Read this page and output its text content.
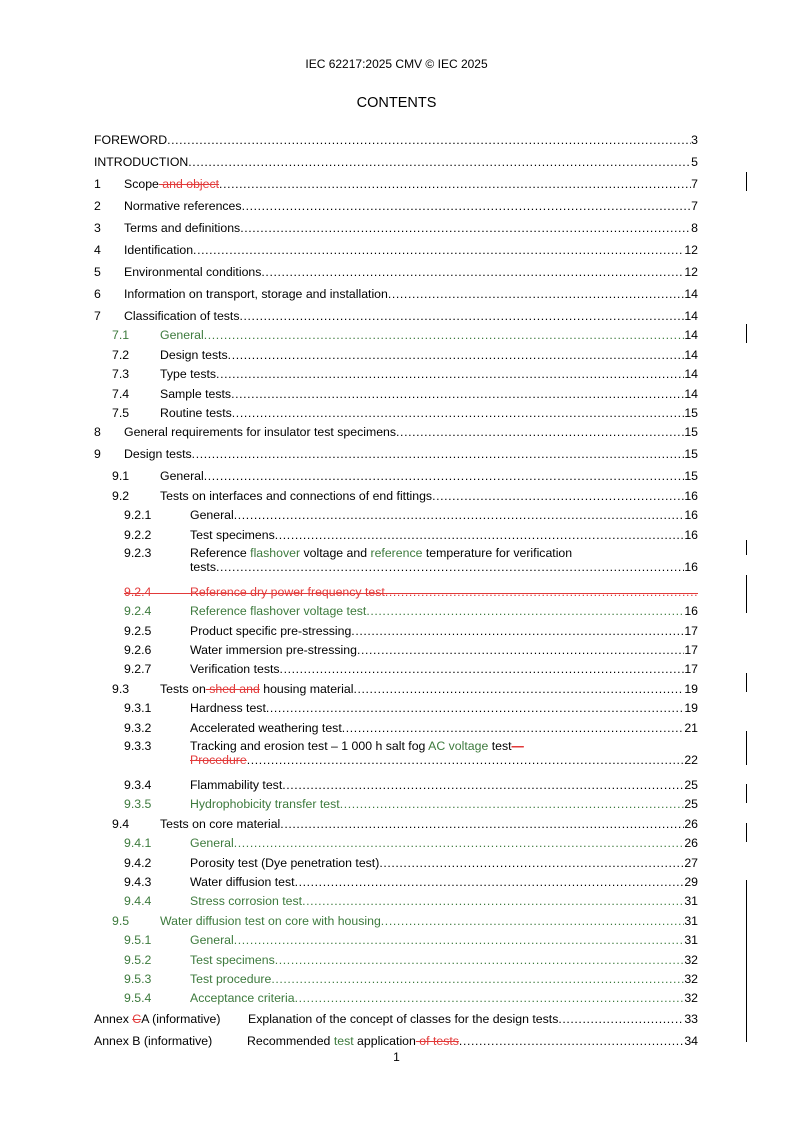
IEC 62217:2025 CMV © IEC 2025
CONTENTS
FOREWORD .....	3
INTRODUCTION .....	5
1	Scope and object .....	7
2	Normative references .....	7
3	Terms and definitions .....	8
4	Identification .....	12
5	Environmental conditions .....	12
6	Information on transport, storage and installation .....	14
7	Classification of tests .....	14
7.1	General .....	14
7.2	Design tests .....	14
7.3	Type tests .....	14
7.4	Sample tests .....	14
7.5	Routine tests .....	15
8	General requirements for insulator test specimens .....	15
9	Design tests .....	15
9.1	General .....	15
9.2	Tests on interfaces and connections of end fittings .....	16
9.2.1	General .....	16
9.2.2	Test specimens .....	16
9.2.3	Reference flashover voltage and reference temperature for verification
tests .....	16
9.2.4	Reference dry power frequency test
.....
9.2.4	Reference flashover voltage test .....	16
9.2.5	Product specific pre-stressing .....	17
9.2.6	Water immersion pre-stressing .....	17
9.2.7	Verification tests .....	17
9.3	Tests on shed and housing material .....	19
9.3.1	Hardness test .....	19
9.3.2	Accelerated weathering test .....	21
9.3.3	Tracking and erosion test – 1 000 h salt fog AC voltage test—
Procedure .....	22
9.3.4	Flammability test .....	25
9.3.5	Hydrophobicity transfer test .....	25
9.4	Tests on core material .....	26
9.4.1	General .....	26
9.4.2	Porosity test (Dye penetration test) .....	27
9.4.3	Water diffusion test .....	29
9.4.4	Stress corrosion test .....	31
9.5	Water diffusion test on core with housing .....	31
9.5.1	General .....	31
9.5.2	Test specimens .....	32
9.5.3	Test procedure .....	32
9.5.4	Acceptance criteria .....	32
Annex CA (informative)	Explanation of the concept of classes for the design tests .....	33
Annex B (informative)	Recommended test application of tests .....	34
1
